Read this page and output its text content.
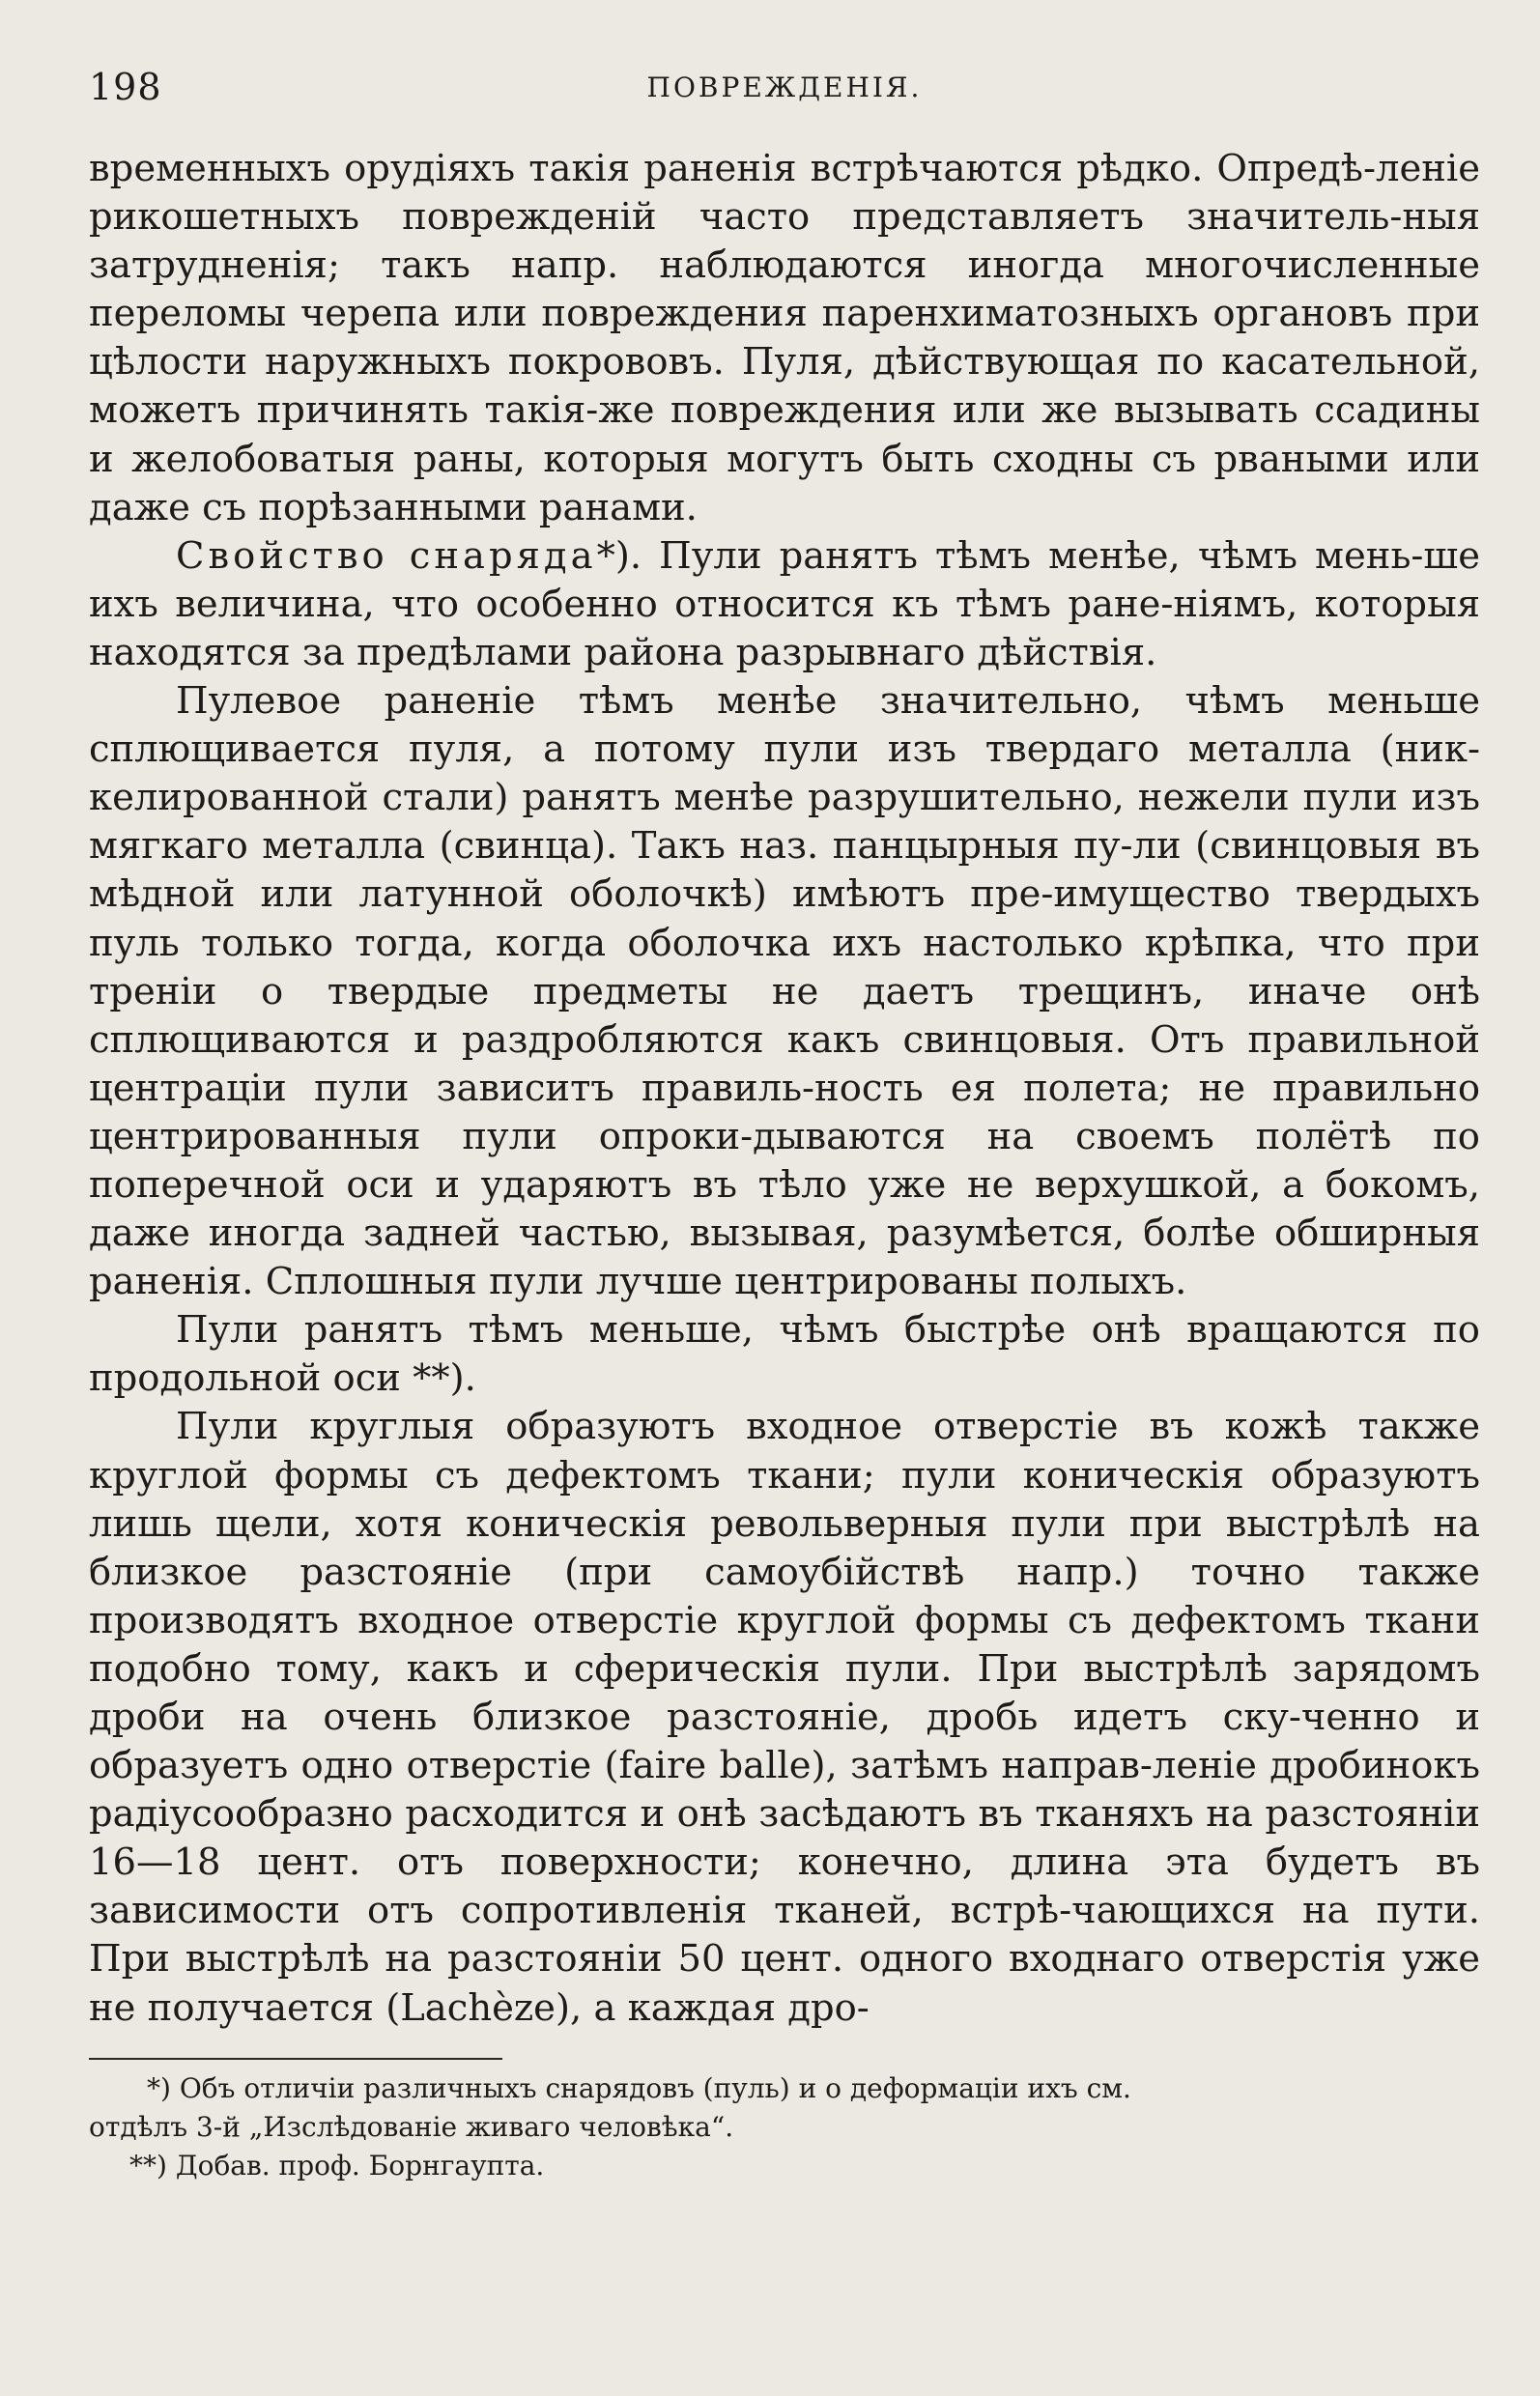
198	ПОВРЕЖДЕНІЯ.

временныхъ орудіяхъ такія раненія встрѣчаются рѣдко. Опредѣ-ленiе рикошетныхъ поврежденій часто представляетъ значитель-ныя затрудненія; такъ напр. наблюдаются иногда многочисленные переломы черепа или повреждения паренхиматозныхъ органовъ при цѣлости наружныхъ покрововъ. Пуля, дѣйствующая по касательной, можетъ причинять такія-же повреждения или же вызывать ссадины и желобоватыя раны, которыя могутъ быть сходны съ рваными или даже съ порѣзанными ранами.

Свойство снаряда*). Пули ранятъ тѣмъ менѣе, чѣмъ мень-ше ихъ величина, что особенно относится къ тѣмъ ране-ніямъ, которыя находятся за предѣлами района разрывнаго дѣйствія.

Пулевое раненіе тѣмъ менѣе значительно, чѣмъ меньше сплющивается пуля, а потому пули изъ твердаго металла (ник-келированной стали) ранятъ менѣе разрушительно, нежели пули изъ мягкаго металла (свинца). Такъ наз. панцырныя пу-ли (свинцовыя въ мѣдной или латунной оболочкѣ) имѣютъ пре-имущество твердыхъ пуль только тогда, когда оболочка ихъ настолько крѣпка, что при треніи о твердые предметы не даетъ трещинъ, иначе онѣ сплющиваются и раздробляются какъ свинцовыя. Отъ правильной центраціи пули зависитъ правиль-ность ея полета; не правильно центрированныя пули опроки-дываются на своемъ полётѣ по поперечной оси и ударяютъ въ тѣло уже не верхушкой, а бокомъ, даже иногда задней частью, вызывая, разумѣется, болѣе обширныя раненія. Сплошныя пули лучше центрированы полыхъ.

Пули ранятъ тѣмъ меньше, чѣмъ быстрѣе онѣ вращаются по продольной оси **).

Пули круглыя образуютъ входное отверстіе въ кожѣ также круглой формы съ дефектомъ ткани; пули коническія образуютъ лишь щели, хотя коническія револьверныя пули при выстрѣлѣ на близкое разстояніе (при самоубійствѣ напр.) точно также производятъ входное отверстіе круглой формы съ дефектомъ ткани подобно тому, какъ и сферическія пули. При выстрѣлѣ зарядомъ дроби на очень близкое разстояніе, дробь идетъ ску-ченно и образуетъ одно отверстіе (faire balle), затѣмъ направ-леніе дробинокъ радіусообразно расходится и онѣ засѣдаютъ въ тканяхъ на разстояніи 16—18 цент. отъ поверхности; конечно, длина эта будетъ въ зависимости отъ сопротивленія тканей, встрѣ-чающихся на пути. При выстрѣлѣ на разстояніи 50 цент. одного входнаго отверстія уже не получается (Lachèze), а каждая дро-

*) Объ отличіи различныхъ снарядовъ (пуль) и о деформаціи ихъ см.

отдѣлъ 3-й „Изслѣдованіе живаго человѣка“.

**) Добав. проф. Борнгаупта.
